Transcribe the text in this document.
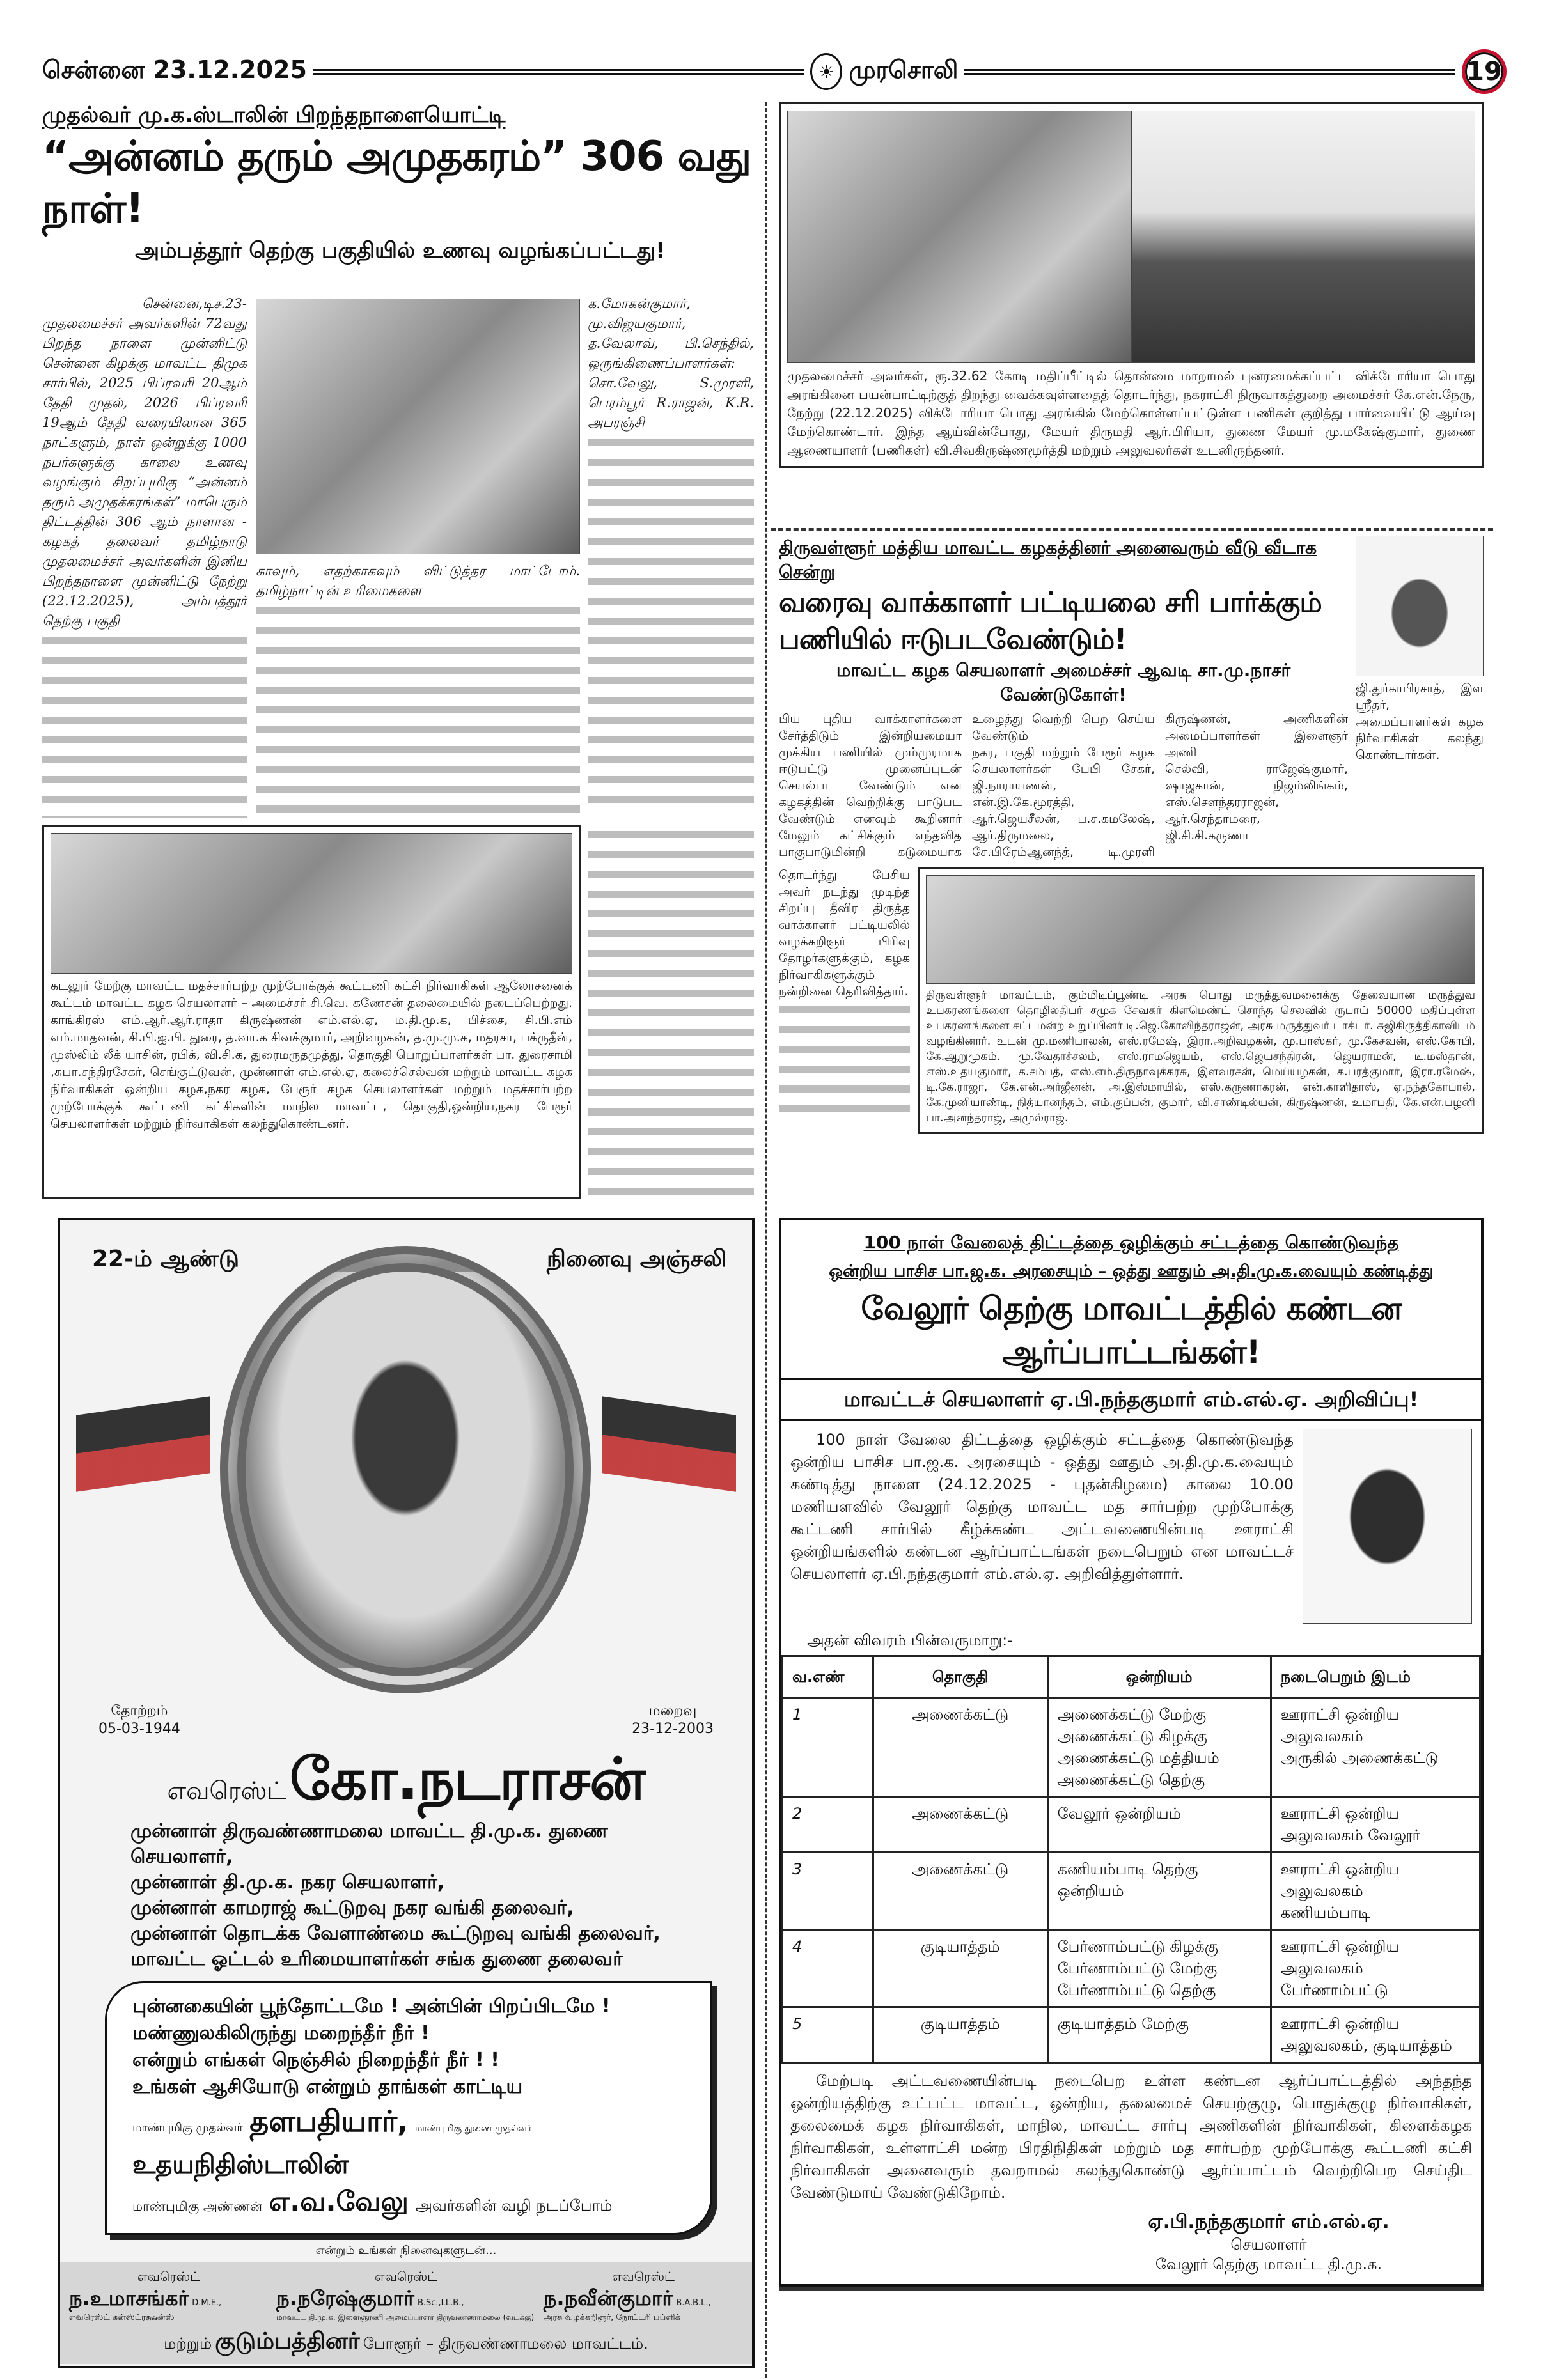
சென்னை 23.12.2025	☀ முரசொலி	19
முதல்வர் மு.க.ஸ்டாலின் பிறந்தநாளையொட்டி
“அன்னம் தரும் அமுதகரம்” 306 வது நாள்!
அம்பத்தூர் தெற்கு பகுதியில் உணவு வழங்கப்பட்டது!
சென்னை,டிச.23-
முதலமைச்சர் அவர்களின் 72வது பிறந்த நாளை முன்னிட்டு சென்னை கிழக்கு மாவட்ட திமுக சார்பில், 2025 பிப்ரவரி 20ஆம் தேதி முதல், 2026 பிப்ரவரி 19ஆம் தேதி வரையிலான 365 நாட்களும், நாள் ஒன்றுக்கு 1000 நபர்களுக்கு காலை உணவு வழங்கும் சிறப்புமிகு “அன்னம் தரும் அமுதக்கரங்கள்” மாபெரும் திட்டத்தின் 306 ஆம் நாளான - கழகத் தலைவர் தமிழ்நாடு முதலமைச்சர் அவர்களின் இனிய பிறந்தநாளை முன்னிட்டு நேற்று (22.12.2025), அம்பத்தூர் தெற்கு பகுதி
காவும், எதற்காகவும் விட்டுத்தர மாட்டோம். தமிழ்நாட்டின் உரிமைகளை
க.மோகன்குமார், மு.விஜயகுமார், த.வேலாவ், பி.செந்தில், ஒருங்கிணைப்பாளர்கள்: சொ.வேலு, S.முரளி, பெரம்பூர் R.ராஜன், K.R. அபரஞ்சி
கடலூர் மேற்கு மாவட்ட மதச்சார்பற்ற முற்போக்குக் கூட்டணி கட்சி நிர்வாகிகள் ஆலோசனைக் கூட்டம் மாவட்ட கழக செயலாளர் – அமைச்சர் சி.வெ. கணேசன் தலைமையில் நடைப்பெற்றது. காங்கிரஸ் எம்.ஆர்.ஆர்.ராதா கிருஷ்ணன் எம்.எல்.ஏ, ம.தி.மு.க, பிச்சை, சி.பி.எம் எம்.மாதவன், சி.பி.ஐ.பி. துரை, த.வா.க சிவக்குமார், அறிவழகன், த.மு.மு.க, மதரசா, பக்ருதீன், முஸ்லிம் லீக் யாசின், ரபிக், வி.சி.க, துரைமருதமுத்து, தொகுதி பொறுப்பாளர்கள் பா. துரைசாமி ,சுபா.சந்திரசேகர், செங்குட்டுவன், முன்னாள் எம்.எல்.ஏ, கலைச்செல்வன் மற்றும் மாவட்ட கழக நிர்வாகிகள் ஒன்றிய கழக,நகர கழக, பேரூர் கழக செயலாளர்கள் மற்றும் மதச்சார்பற்ற முற்போக்குக் கூட்டணி கட்சிகளின் மாநில மாவட்ட, தொகுதி,ஒன்றிய,நகர பேரூர் செயலாளர்கள் மற்றும் நிர்வாகிகள் கலந்துகொண்டனர்.
முதலமைச்சர் அவர்கள், ரூ.32.62 கோடி மதிப்பீட்டில் தொன்மை மாறாமல் புனரமைக்கப்பட்ட விக்டோரியா பொது அரங்கினை பயன்பாட்டிற்குத் திறந்து வைக்கவுள்ளதைத் தொடர்ந்து, நகராட்சி நிருவாகத்துறை அமைச்சர் கே.என்.நேரு, நேற்று (22.12.2025) விக்டோரியா பொது அரங்கில் மேற்கொள்ளப்பட்டுள்ள பணிகள் குறித்து பார்வையிட்டு ஆய்வு மேற்கொண்டார். இந்த ஆய்வின்போது, மேயர் திருமதி ஆர்.பிரியா, துணை மேயர் மு.மகேஷ்குமார், துணை ஆணையாளர் (பணிகள்) வி.சிவகிருஷ்ணமூர்த்தி மற்றும் அலுவலர்கள் உடனிருந்தனர்.
திருவள்ளூர் மத்திய மாவட்ட கழகத்தினர் அனைவரும் வீடு வீடாக சென்று
வரைவு வாக்காளர் பட்டியலை சரி பார்க்கும் பணியில் ஈடுபடவேண்டும்!
மாவட்ட கழக செயலாளர் அமைச்சர் ஆவடி சா.மு.நாசர் வேண்டுகோள்!
பிய புதிய வாக்காளர்களை சேர்த்திடும் இன்றியமையா முக்கிய பணியில் மும்முரமாக ஈடுபட்டு முனைப்புடன் செயல்பட வேண்டும் என கழகத்தின் வெற்றிக்கு பாடுபட வேண்டும் எனவும் கூறினார் மேலும் கட்சிக்கும் எந்தவித பாகுபாடுமின்றி கடுமையாக உழைத்து வெற்றி பெற செய்ய வேண்டும்
நகர, பகுதி மற்றும் பேரூர் கழக செயலாளர்கள் பேபி சேகர், ஜி.நாராயணன், என்.இ.கே.மூரத்தி, ஆர்.ஜெயசீலன், ப.ச.கமலேஷ், ஆர்.திருமலை, சே.பிரேம்ஆனந்த், டி.முரளி கிருஷ்ணன், அணிகளின் அமைப்பாளர்கள் இளைஞர் அணி
செல்வி, ராஜேஷ்குமார், ஷாஜகான், நிஜம்லிங்கம், எஸ்.சௌந்தரராஜன், ஆர்.செந்தாமரை, ஜி.சி.சி.கருணா
ஜி.துர்காபிரசாத், இள ஸ்ரீதர், அமைப்பாளர்கள் கழக நிர்வாகிகள் கலந்து கொண்டார்கள்.
தொடர்ந்து பேசிய அவர் நடந்து முடிந்த சிறப்பு தீவிர திருத்த வாக்காளர் பட்டியலில் வழக்கறிஞர் பிரிவு தோழர்களுக்கும், கழக நிர்வாகிகளுக்கும் நன்றினை தெரிவித்தார். திருவள்ளூர் மாவட்டம், கும்மிடிப்பூண்டி அரசு பொது மருத்துவமனைக்கு தேவையான மருத்துவ உபகரணங்களை தொழிலதிபர் சமுக சேவகர் கிளமெண்ட் சொந்த செலவில் ரூபாய் 50000 மதிப்புள்ள உபகரணங்களை சட்டமன்ற உறுப்பினர் டி.ஜெ.கோவிந்தராஜன், அரசு மருத்துவர் டாக்டர். சுஜிகிருத்திகாவிடம் வழங்கினார். உடன் மு.மணிபாலன், எஸ்.ரமேஷ், இரா.அறிவழகன், மு.பாஸ்கர், மு.கேசவன், எஸ்.கோபி, கே.ஆறுமுகம். மு.வேதாச்சலம், எஸ்.ராமஜெயம், எஸ்.ஜெயசந்திரன், ஜெயராமன், டி.மஸ்தான், எஸ்.உதயகுமார், க.சம்பத், எஸ்.எம்.திருநாவுக்கரசு, இளவரசன், மெய்யழகன், க.பரத்குமார், இரா.ரமேஷ், டி.கே.ராஜா, கே.என்.அர்ஜீனன், அ.இஸ்மாயில், எஸ்.கருணாகரன், என்.காளிதாஸ், ஏ.நந்தகோபால், கே.முனியாண்டி, நித்யானந்தம், எம்.குப்பன், குமார், வி.சாண்டில்யன், கிருஷ்ணன், உமாபதி, கே.என்.பழனி பா.அனந்தராஜ், அமுல்ராஜ்.
22-ம் ஆண்டு	நினைவு அஞ்சலி
தோற்றம்
05-03-1944
மறைவு
23-12-2003
எவரெஸ்ட் கோ.நடராசன்
முன்னாள் திருவண்ணாமலை மாவட்ட தி.மு.க. துணை செயலாளர்,
முன்னாள் தி.மு.க. நகர செயலாளர்,
முன்னாள் காமராஜ் கூட்டுறவு நகர வங்கி தலைவர்,
முன்னாள் தொடக்க வேளாண்மை கூட்டுறவு வங்கி தலைவர்,
மாவட்ட ஓட்டல் உரிமையாளர்கள் சங்க துணை தலைவர்
புன்னகையின் பூந்தோட்டமே ! அன்பின் பிறப்பிடமே !
மண்ணுலகிலிருந்து மறைந்தீர் நீர் !
என்றும் எங்கள் நெஞ்சில் நிறைந்தீர் நீர் ! !
உங்கள் ஆசியோடு என்றும் தாங்கள் காட்டிய
மாண்புமிகு முதல்வர் தளபதியார், மாண்புமிகு துணை முதல்வர் உதயநிதிஸ்டாலின்
மாண்புமிகு அண்ணன் எ.வ.வேலு அவர்களின் வழி நடப்போம்
என்றும் உங்கள் நினைவுகளுடன்...
எவரெஸ்ட்
ந.உமாசங்கர் D.M.E.,
எவரெஸ்ட் கன்ஸ்ட்ரக்ஷன்ஸ்
எவரெஸ்ட்
ந.நரேஷ்குமார் B.Sc.,LL.B.,
மாவட்ட தி.மு.க. இளைஞரணி அமைப்பாளர் திருவண்ணாமலை (வடக்கு)
எவரெஸ்ட்
ந.நவீன்குமார் B.A.B.L.,
அரசு வழக்கறிஞர், நோட்டரி பப்ளிக்
மற்றும் குடும்பத்தினர் போளூர் – திருவண்ணாமலை மாவட்டம்.
100 நாள் வேலைத் திட்டத்தை ஒழிக்கும் சட்டத்தை கொண்டுவந்த
ஒன்றிய பாசிச பா.ஜ.க. அரசையும் – ஒத்து ஊதும் அ.தி.மு.க.வையும் கண்டித்து
வேலூர் தெற்கு மாவட்டத்தில் கண்டன ஆர்ப்பாட்டங்கள்!
மாவட்டச் செயலாளர் ஏ.பி.நந்தகுமார் எம்.எல்.ஏ. அறிவிப்பு!
100 நாள் வேலை திட்டத்தை ஒழிக்கும் சட்டத்தை கொண்டுவந்த ஒன்றிய பாசிச பா.ஜ.க. அரசையும் - ஒத்து ஊதும் அ.தி.மு.க.வையும் கண்டித்து நாளை (24.12.2025 - புதன்கிழமை) காலை 10.00 மணியளவில் வேலூர் தெற்கு மாவட்ட மத சார்பற்ற முற்போக்கு கூட்டணி சார்பில் கீழ்க்கண்ட அட்டவணையின்படி ஊராட்சி ஒன்றியங்களில் கண்டன ஆர்ப்பாட்டங்கள் நடைபெறும் என மாவட்டச் செயலாளர் ஏ.பி.நந்தகுமார் எம்.எல்.ஏ. அறிவித்துள்ளார்.
அதன் விவரம் பின்வருமாறு:-
வ.எண்	தொகுதி	ஒன்றியம்	நடைபெறும் இடம்
1	அணைக்கட்டு	அணைக்கட்டு மேற்கு
அணைக்கட்டு கிழக்கு
அணைக்கட்டு மத்தியம்
அணைக்கட்டு தெற்கு	ஊராட்சி ஒன்றிய
அலுவலகம்
அருகில் அணைக்கட்டு
2	அணைக்கட்டு	வேலூர் ஒன்றியம்	ஊராட்சி ஒன்றிய
அலுவலகம் வேலூர்
3	அணைக்கட்டு	கணியம்பாடி தெற்கு
ஒன்றியம்	ஊராட்சி ஒன்றிய
அலுவலகம்
கணியம்பாடி
4	குடியாத்தம்	பேர்ணாம்பட்டு கிழக்கு
பேர்ணாம்பட்டு மேற்கு
பேர்ணாம்பட்டு தெற்கு	ஊராட்சி ஒன்றிய
அலுவலகம்
பேர்ணாம்பட்டு
5	குடியாத்தம்	குடியாத்தம் மேற்கு	ஊராட்சி ஒன்றிய
அலுவலகம், குடியாத்தம்
மேற்படி அட்டவணையின்படி நடைபெற உள்ள கண்டன ஆர்ப்பாட்டத்தில் அந்தந்த ஒன்றியத்திற்கு உட்பட்ட மாவட்ட, ஒன்றிய, தலைமைச் செயற்குழு, பொதுக்குழு நிர்வாகிகள், தலைமைக் கழக நிர்வாகிகள், மாநில, மாவட்ட சார்பு அணிகளின் நிர்வாகிகள், கிளைக்கழக நிர்வாகிகள், உள்ளாட்சி மன்ற பிரதிநிதிகள் மற்றும் மத சார்பற்ற முற்போக்கு கூட்டணி கட்சி நிர்வாகிகள் அனைவரும் தவறாமல் கலந்துகொண்டு ஆர்ப்பாட்டம் வெற்றிபெற செய்திட வேண்டுமாய் வேண்டுகிறோம்.
ஏ.பி.நந்தகுமார் எம்.எல்.ஏ.
செயலாளர்
வேலூர் தெற்கு மாவட்ட தி.மு.க.
